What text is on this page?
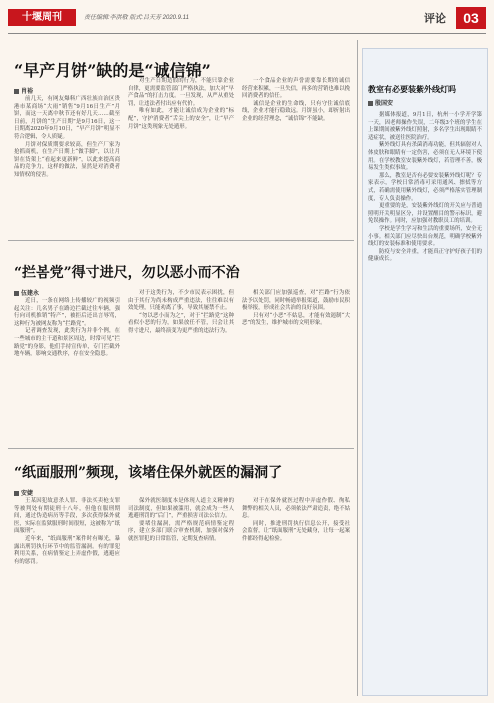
十堰周刊	责任编辑:李洪敬 版式:吕天芳 2020.9.11	评论	03
“早产月饼”缺的是“诚信锦”
肖裕

前几天，有网友爆料广西壮族自治区贵港市某商场“大雨”销售“9月16日生产”月饼，而这一天离中秋节还有好几天……截至日前，月饼的“生产日期”是9月16日，这一日期离2020年9月10日，“早产月饼”明显不符合逻辑，令人质疑。

月饼对保质期要求较高，但生产厂家为抢抓商机，在生产日期上“做手脚”，以让月饼在货架上“看起来更新鲜”，以此来提高商品的竞争力，这样的做法，显然是对消费者知情权的侵害。

对生产日期造假的行为，不能只靠企业自律，更需要监管部门严格执法，加大对“早产食品”的打击力度。一旦发现，从严从重处罚，让违法者付出应有代价。

唯有如此，才能让诚信成为企业的“标配”，守护消费者“舌尖上的安全”，让“早产月饼”这类现象无处遁形。

一个食品企业的声誉需要靠长期的诚信经营来积累，一旦失信，再多的营销也难以挽回消费者的信任。

诚信是企业的生命线，只有守住诚信底线，企业才能行稳致远。月饼虽小，却折射出企业的经营理念，“诚信锦”不能缺。

“拦봄党”得寸进尺，勿以恶小而不治
伍建永

近日，一条在网络上传播较广的视频引起关注：几名男子在路边拦截过往车辆，强行向司机推销“特产”，被拒后还出言辱骂，这种行为被网友称为“拦路党”。

记者调查发现，此类行为并非个例，在一些城市的主干道和景区周边，时常可见“拦路党”的身影，他们手持宣传单，专门拦截外地车辆，影响交通秩序，存在安全隐患。

对于这类行为，不少市民表示困扰，但由于其行为尚未构成严重违法，往往难以有效处理，只能劝离了事，导致其屡禁不止。

“勿以恶小而为之”，对于“拦路党”这种看似小恶的行为，如果放任不管，只会让其得寸进尺，最终演变为更严重的违法行为。

相关部门应加强巡查，对“拦路”行为依法予以处罚，同时畅通举报渠道，鼓励市民积极举报，形成社会共治的良好氛围。

只有对“小恶”不姑息，才能有效遏制“大恶”的发生，维护城市的文明形象。

“纸面服刑”频现，该堵住保外就医的漏洞了
安婕

王某因犯故意杀人罪、非法买卖枪支罪等被判处有期徒刑十八年，但他在服刑期间，通过伪造病历等手段，多次获得保外就医，实际在监狱服刑时间很短，这被称为“纸面服刑”。

近年来，“纸面服刑”案件时有曝光，暴露出刑罚执行环节中的监管漏洞。有的罪犯利用关系，在病情鉴定上弄虚作假，逃避应有的惩罚。

保外就医制度本是体现人道主义精神的司法制度，但如果被滥用，就会成为一些人逃避刑罚的“后门”，严重损害司法公信力。

要堵住漏洞，需严格规范病情鉴定程序，建立多部门联合审查机制，加强对保外就医罪犯的日常监管，定期复查病情。

对于在保外就医过程中弄虚作假、徇私舞弊的相关人员，必须依法严肃追责，绝不姑息。

同时，推进刑罚执行信息公开，接受社会监督，让“纸面服刑”无处藏身，让每一起案件都经得起检验。

教室有必要装紫外线灯吗
殷国安

据媒体报道，9月1日，杭州一小学开学第一天，因老师操作失误，二年级3个班的学生在上课期间被紫外线灯照射，多名学生出现眼睛不适症状，被送往医院治疗。

紫外线灯具有杀菌消毒功能，但其辐射对人体皮肤和眼睛有一定伤害，必须在无人环境下使用。在学校教室安装紫外线灯，若管理不善，极易发生类似事故。

那么，教室是否有必要安装紫外线灯呢？专家表示，学校日常消毒可采用通风、擦拭等方式，若确需使用紫外线灯，必须严格落实管理制度，专人负责操作。

更重要的是，安装紫外线灯的开关应与普通照明开关明显区分，并设置醒目的警示标识，避免误操作。同时，应加强对教职员工的培训。

学校是学生学习和生活的重要场所，安全无小事。相关部门应尽快出台规范，明确学校紫外线灯的安装标准和使用要求。

防疫与安全并重，才能真正守护好孩子们的健康成长。
